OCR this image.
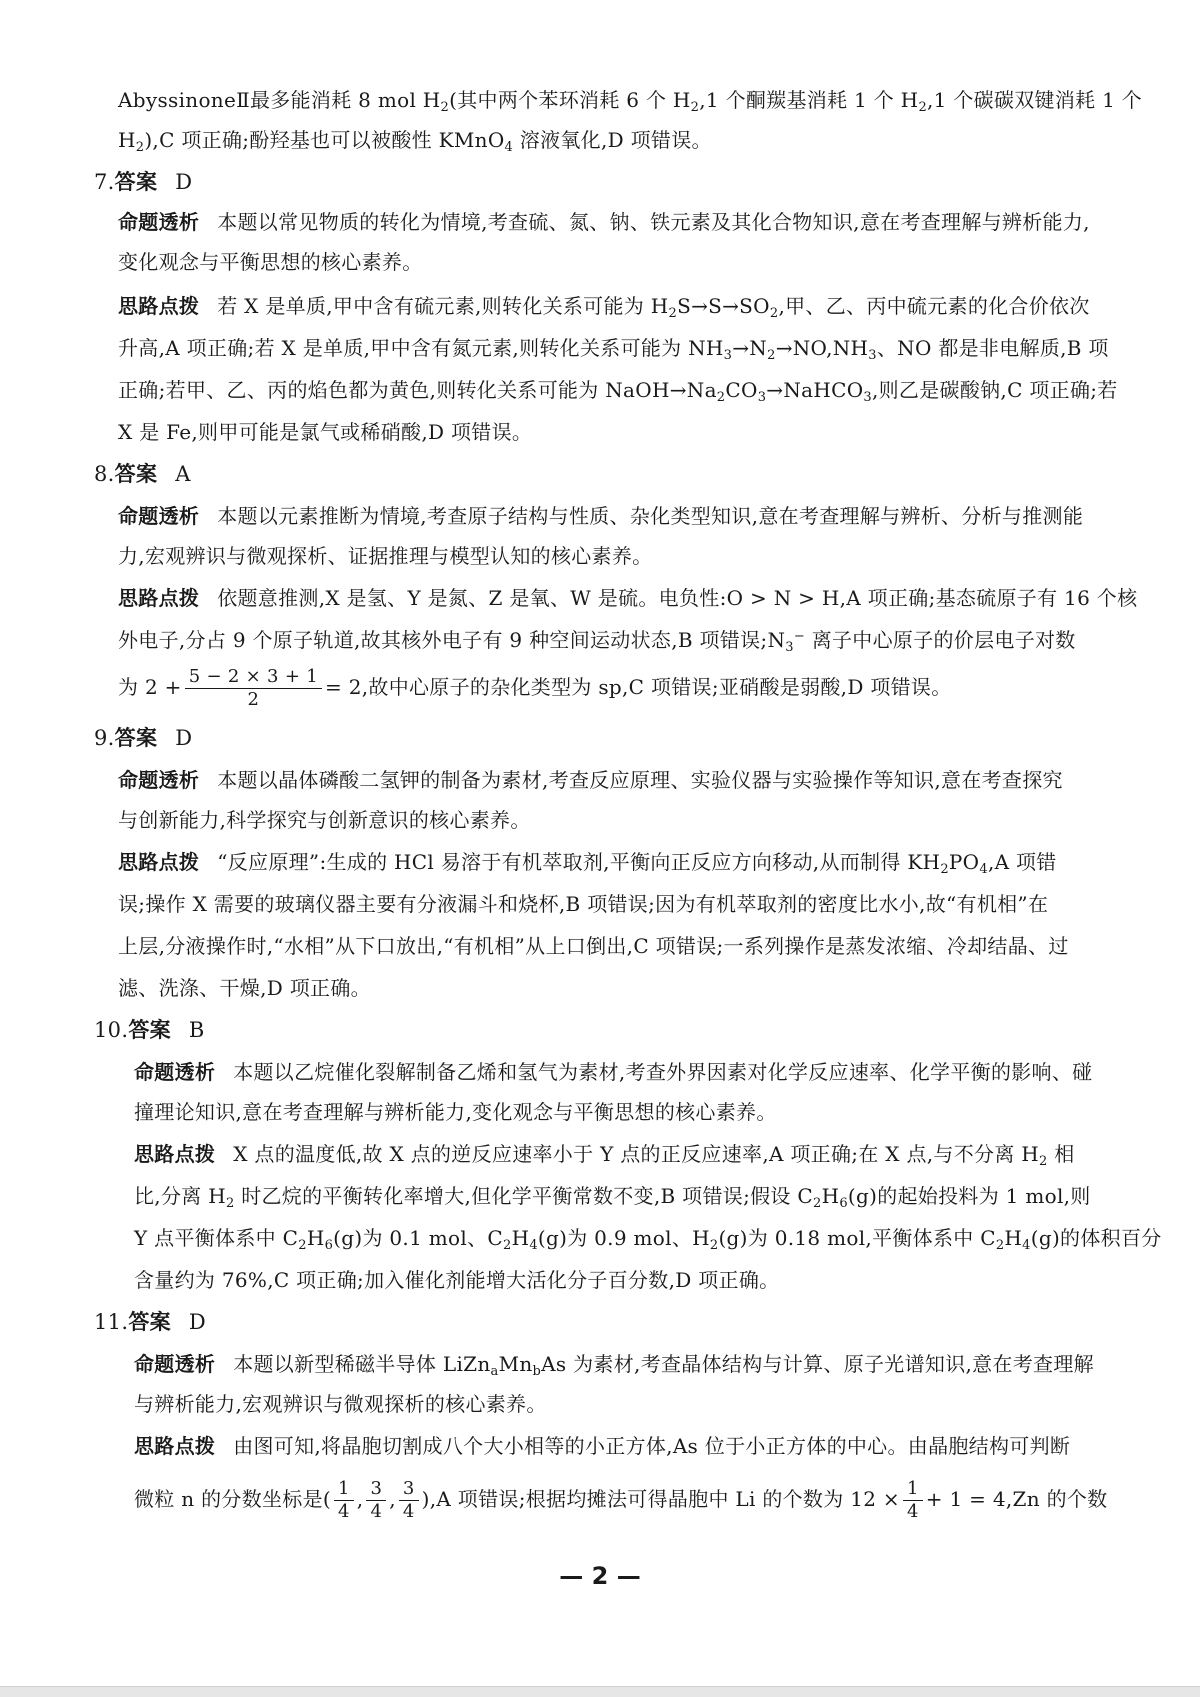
AbyssinoneⅡ最多能消耗 8 mol $H_2$(其中两个苯环消耗 6 个 $H_2,1$ 个酮羰基消耗 1 个 $H_2,1$ 个碳碳双键消耗 1 个
$H_2),C$ 项正确;酚羟基也可以被酸性 KMnO$_4$ 溶液氧化,D 项错误。
7.答案 D
命题透析 本题以常见物质的转化为情境,考查硫、氮、钠、铁元素及其化合物知识,意在考查理解与辨析能力,
变化观念与平衡思想的核心素养。
思路点拨 若 X 是单质,甲中含有硫元素,则转化关系可能为 $H_2S\to S\to SO_2$,甲、乙、丙中硫元素的化合价依次
升高,A 项正确;若 X 是单质,甲中含有氮元素,则转化关系可能为 $NH_3\to N_2\to NO,NH_3$、NO 都是非电解质,B 项
正确;若甲、乙、丙的焰色都为黄色,则转化关系可能为 $NaOH\to Na_2CO_3\to NaHCO_3$,则乙是碳酸钠,C 项正确;若
X 是 Fe,则甲可能是氯气或稀硝酸,D 项错误。
8.答案 A
命题透析 本题以元素推断为情境,考查原子结构与性质、杂化类型知识,意在考查理解与辨析、分析与推测能
力,宏观辨识与微观探析、证据推理与模型认知的核心素养。
思路点拨 依题意推测,X 是氢、Y 是氮、Z 是氧、W 是硫。电负性:O > N > H,A 项正确;基态硫原子有 16 个核
外电子,分占 9 个原子轨道,故其核外电子有 9 种空间运动状态,B 项错误$;N_3^-$ 离子中心原子的价层电子对数
为 $2 + \frac{5 - 2 \times 3 + 1}{2} = 2$,故中心原子的杂化类型为 sp,C 项错误;亚硝酸是弱酸,D 项错误。
9.答案 D
命题透析 本题以晶体磷酸二氢钾的制备为素材,考查反应原理、实验仪器与实验操作等知识,意在考查探究
与创新能力,科学探究与创新意识的核心素养。
思路点拨 “反应原理”:生成的 HCl 易溶于有机萃取剂,平衡向正反应方向移动,从而制得 $KH_2PO_4,A$ 项错
误;操作 X 需要的玻璃仪器主要有分液漏斗和烧杯,B 项错误;因为有机萃取剂的密度比水小,故“有机相”在
上层,分液操作时,“水相”从下口放出,“有机相”从上口倒出,C 项错误;一系列操作是蒸发浓缩、冷却结晶、过
滤、洗涤、干燥,D 项正确。
10.答案 B
命题透析 本题以乙烷催化裂解制备乙烯和氢气为素材,考查外界因素对化学反应速率、化学平衡的影响、碰
撞理论知识,意在考查理解与辨析能力,变化观念与平衡思想的核心素养。
思路点拨 X 点的温度低,故 X 点的逆反应速率小于 Y 点的正反应速率,A 项正确;在 X 点,与不分离 $H_2$ 相
比,分离 $H_2$ 时乙烷的平衡转化率增大,但化学平衡常数不变,B 项错误;假设 $C_2H_6(g)$的起始投料为 1 mol,则
Y 点平衡体系中 $C_2H_6(g)$为 0.1 mol、$C_2H_4(g)$为 0.9 mol、$H_2(g)$为 0.18 mol,平衡体系中 $C_2H_4(g)$的体积百分
含量约为 76%,C 项正确;加入催化剂能增大活化分子百分数,D 项正确。
11.答案 D
命题透析 本题以新型稀磁半导体 $LiZn_aMn_bAs$ 为素材,考查晶体结构与计算、原子光谱知识,意在考查理解
与辨析能力,宏观辨识与微观探析的核心素养。
思路点拨 由图可知,将晶胞切割成八个大小相等的小正方体,As 位于小正方体的中心。由晶胞结构可判断
微粒 n 的分数坐标是( $\frac{1}{4}$ , $\frac{3}{4}$ , $\frac{3}{4} ),A$ 项错误;根据均摊法可得晶胞中 Li 的个数为 $12 \times \frac{1}{4} + 1 = 4,Zn$ 的个数
— 2 —
